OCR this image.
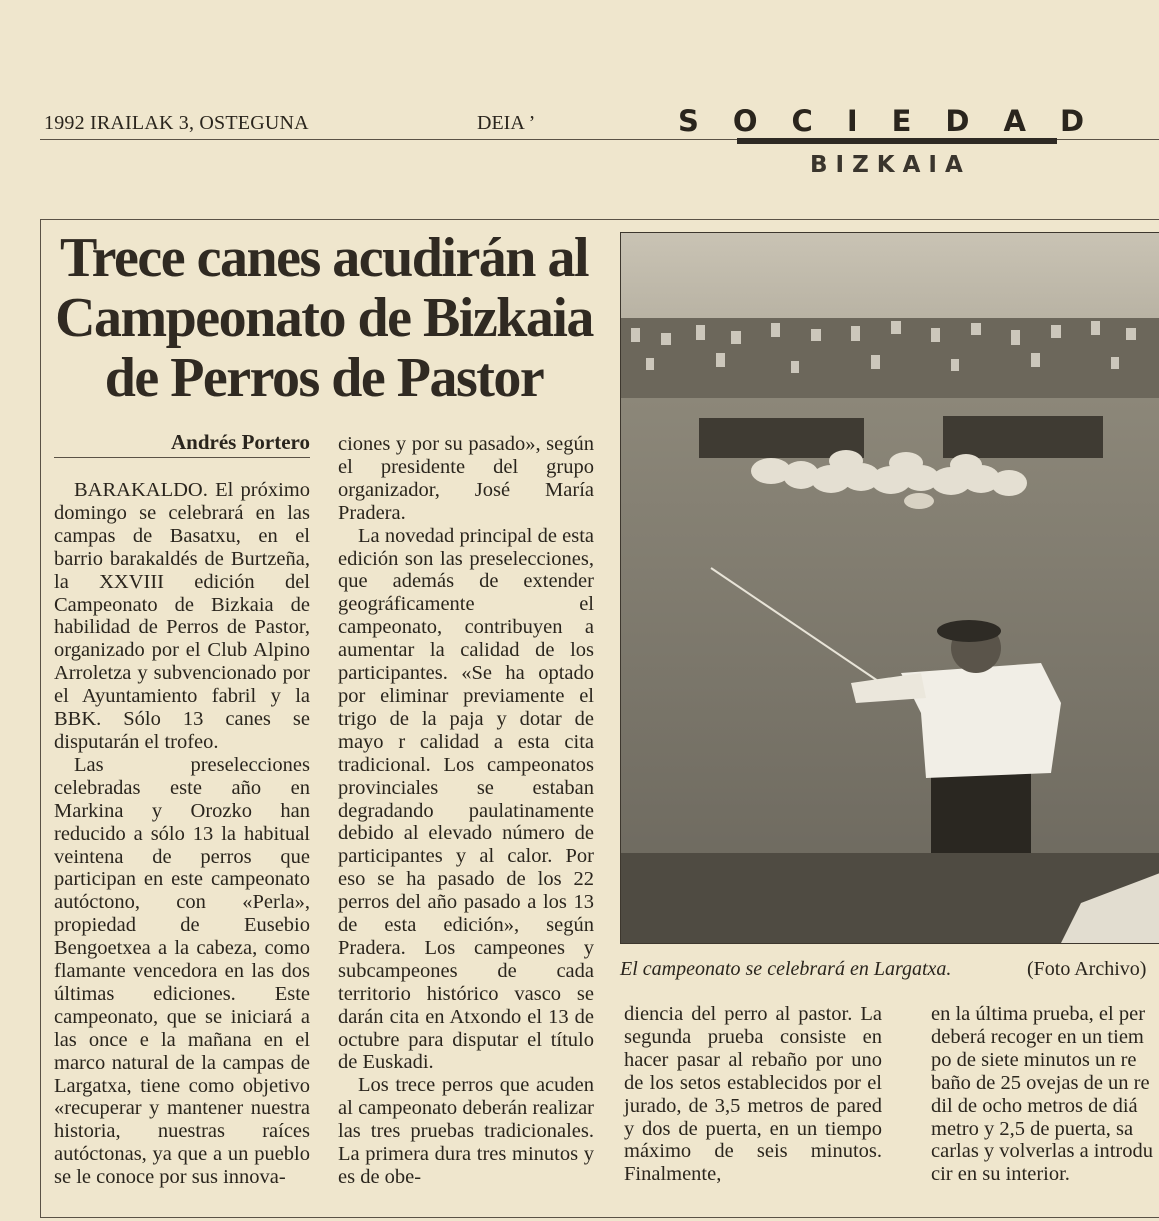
1992 IRAILAK 3, OSTEGUNA	DEIA ’	SOCIEDAD
BIZKAIA
Trece canes acudirán al
Campeonato de Bizkaia
de Perros de Pastor
Andrés Portero

BARAKALDO. El próximo domingo se celebrará en las campas de Basatxu, en el barrio barakaldés de Burtzeña, la XXVIII edición del Campeonato de Bizkaia de habilidad de Perros de Pastor, organizado por el Club Alpino Arroletza y subvencionado por el Ayuntamiento fabril y la BBK. Sólo 13 canes se disputarán el trofeo.

Las preselecciones celebradas este año en Markina y Orozko han reducido a sólo 13 la habitual veintena de perros que participan en este campeonato autóctono, con «Perla», propiedad de Eusebio Bengoetxea a la cabeza, como flamante vencedora en las dos últimas ediciones. Este campeonato, que se iniciará a las once e la mañana en el marco natural de la campas de Largatxa, tiene como objetivo «recuperar y mantener nuestra historia, nuestras raíces autóctonas, ya que a un pueblo se le conoce por sus innova-

ciones y por su pasado», según el presidente del grupo organizador, José María Pradera.

La novedad principal de esta edición son las preselecciones, que además de extender geográficamente el campeonato, contribuyen a aumentar la calidad de los participantes. «Se ha optado por eliminar previamente el trigo de la paja y dotar de mayo r calidad a esta cita tradicional. Los campeonatos provinciales se estaban degradando paulatinamente debido al elevado número de participantes y al calor. Por eso se ha pasado de los 22 perros del año pasado a los 13 de esta edición», según Pradera. Los campeones y subcampeones de cada territorio histórico vasco se darán cita en Atxondo el 13 de octubre para disputar el título de Euskadi.

Los trece perros que acuden al campeonato deberán realizar las tres pruebas tradicionales. La primera dura tres minutos y es de obe-

El campeonato se celebrará en Largatxa.	(Foto Archivo)

diencia del perro al pastor. La segunda prueba consiste en hacer pasar al rebaño por uno de los setos establecidos por el jurado, de 3,5 metros de pared y dos de puerta, en un tiempo máximo de seis minutos. Finalmente,

en la última prueba, el per

deberá recoger en un tiem

po de siete minutos un re

baño de 25 ovejas de un re

dil de ocho metros de diá

metro y 2,5 de puerta, sa

carlas y volverlas a introdu

cir en su interior.
